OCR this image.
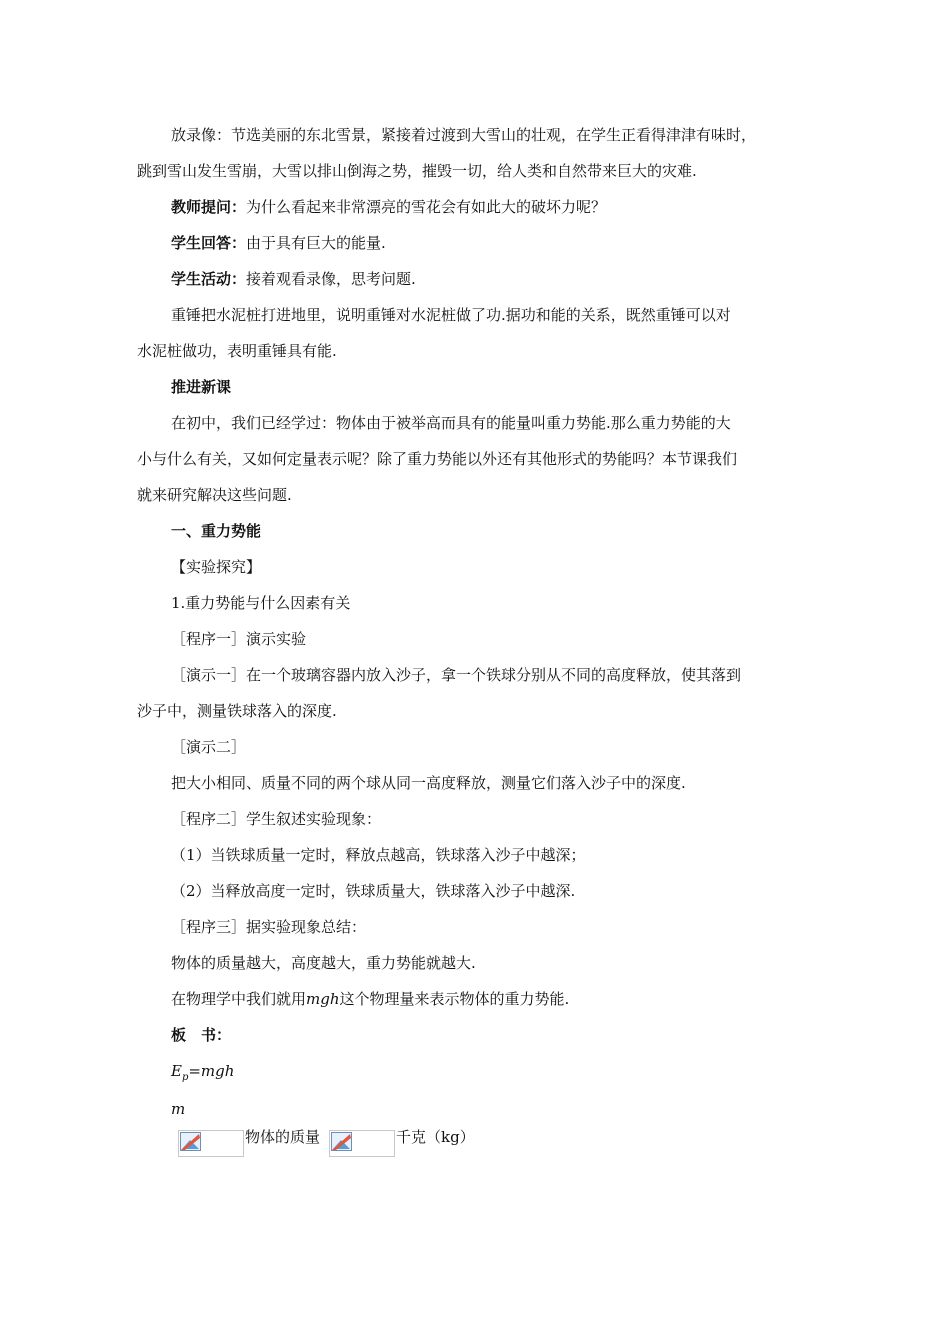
放录像：节选美丽的东北雪景，紧接着过渡到大雪山的壮观，在学生正看得津津有味时，
跳到雪山发生雪崩，大雪以排山倒海之势，摧毁一切，给人类和自然带来巨大的灾难.
教师提问：为什么看起来非常漂亮的雪花会有如此大的破坏力呢？
学生回答：由于具有巨大的能量.
学生活动：接着观看录像，思考问题.
重锤把水泥桩打进地里，说明重锤对水泥桩做了功.据功和能的关系，既然重锤可以对
水泥桩做功，表明重锤具有能.
推进新课
在初中，我们已经学过：物体由于被举高而具有的能量叫重力势能.那么重力势能的大
小与什么有关，又如何定量表示呢？除了重力势能以外还有其他形式的势能吗？本节课我们
就来研究解决这些问题.
一、重力势能
【实验探究】
1.重力势能与什么因素有关
［程序一］演示实验
［演示一］在一个玻璃容器内放入沙子，拿一个铁球分别从不同的高度释放，使其落到
沙子中，测量铁球落入的深度.
［演示二］
把大小相同、质量不同的两个球从同一高度释放，测量它们落入沙子中的深度.
［程序二］学生叙述实验现象：
（1）当铁球质量一定时，释放点越高，铁球落入沙子中越深；
（2）当释放高度一定时，铁球质量大，铁球落入沙子中越深.
［程序三］据实验现象总结：
物体的质量越大，高度越大，重力势能就越大.
在物理学中我们就用mgh这个物理量来表示物体的重力势能.
板　书：
$E_p=mgh$
m
物体的质量	千克（kg）
